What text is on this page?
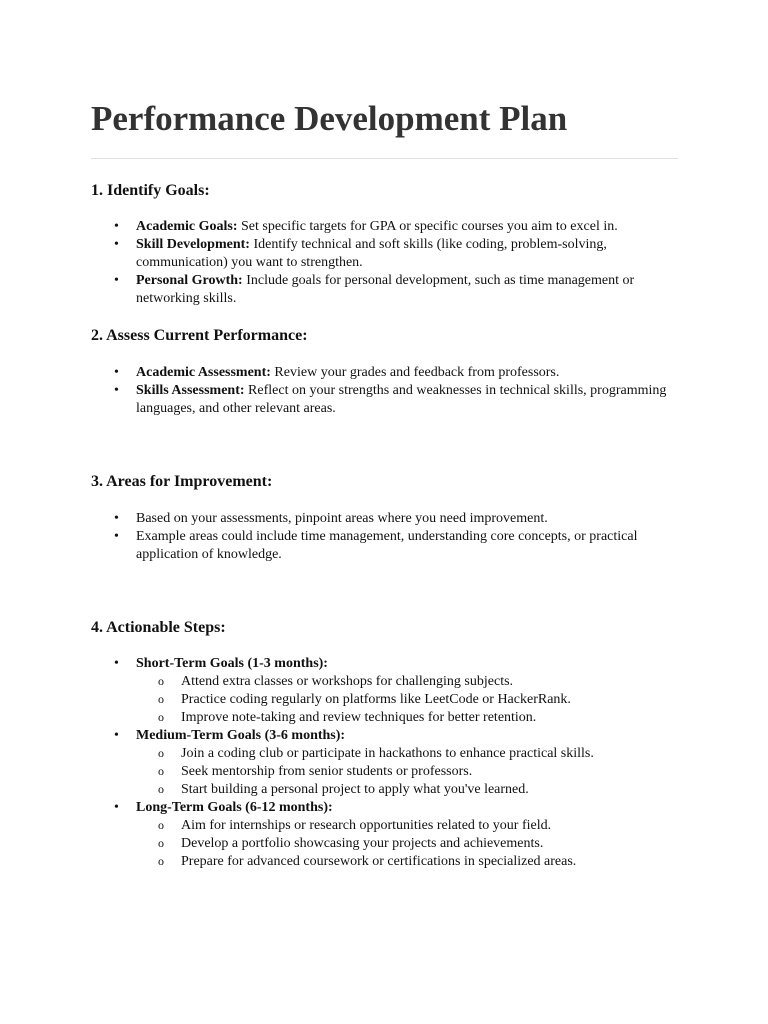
Performance Development Plan
1. Identify Goals:
• Academic Goals: Set specific targets for GPA or specific courses you aim to excel in.
• Skill Development: Identify technical and soft skills (like coding, problem-solving, communication) you want to strengthen.
• Personal Growth: Include goals for personal development, such as time management or networking skills.
2. Assess Current Performance:
• Academic Assessment: Review your grades and feedback from professors.
• Skills Assessment: Reflect on your strengths and weaknesses in technical skills, programming languages, and other relevant areas.
3. Areas for Improvement:
• Based on your assessments, pinpoint areas where you need improvement.
• Example areas could include time management, understanding core concepts, or practical application of knowledge.
4. Actionable Steps:
• Short-Term Goals (1-3 months):
o Attend extra classes or workshops for challenging subjects.
o Practice coding regularly on platforms like LeetCode or HackerRank.
o Improve note-taking and review techniques for better retention.
• Medium-Term Goals (3-6 months):
o Join a coding club or participate in hackathons to enhance practical skills.
o Seek mentorship from senior students or professors.
o Start building a personal project to apply what you've learned.
• Long-Term Goals (6-12 months):
o Aim for internships or research opportunities related to your field.
o Develop a portfolio showcasing your projects and achievements.
o Prepare for advanced coursework or certifications in specialized areas.
